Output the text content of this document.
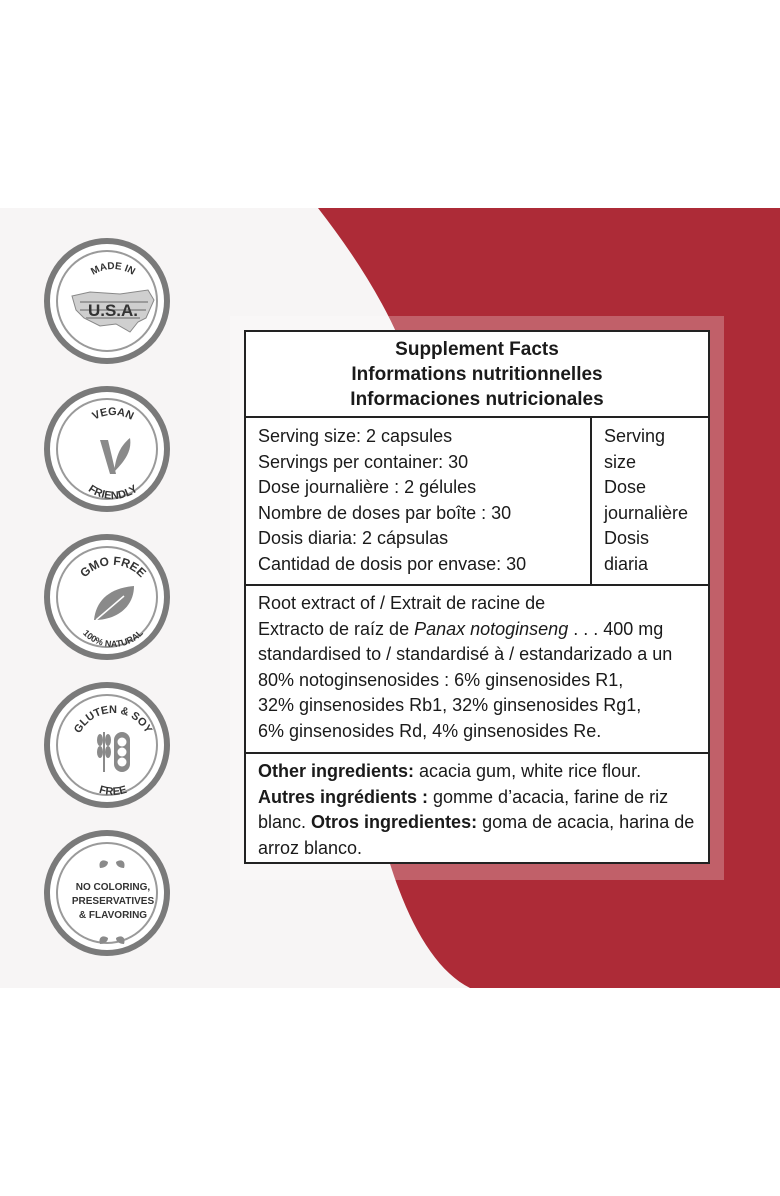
MADE IN
U.S.A.
VEGAN
FRIENDLY
GMO FREE
100% NATURAL
GLUTEN & SOY
FREE
NO COLORING,
PRESERVATIVES
& FLAVORING
Supplement Facts
Informations nutritionnelles
Informaciones nutricionales
Serving size: 2 capsules
Servings per container: 30
Dose journalière : 2 gélules
Nombre de doses par boîte : 30
Dosis diaria: 2 cápsulas
Cantidad de dosis por envase: 30
Serving
size
Dose
journalière
Dosis
diaria
Root extract of / Extrait de racine de
Extracto de raíz de Panax notoginseng . . . 400 mg
standardised to / standardisé à / estandarizado a un
80% notoginsenosides : 6% ginsenosides R1,
32% ginsenosides Rb1, 32% ginsenosides Rg1,
6% ginsenosides Rd, 4% ginsenosides Re.
Other ingredients: acacia gum, white rice flour.
Autres ingrédients : gomme d’acacia, farine de riz blanc. Otros ingredientes: goma de acacia, harina de arroz blanco.
